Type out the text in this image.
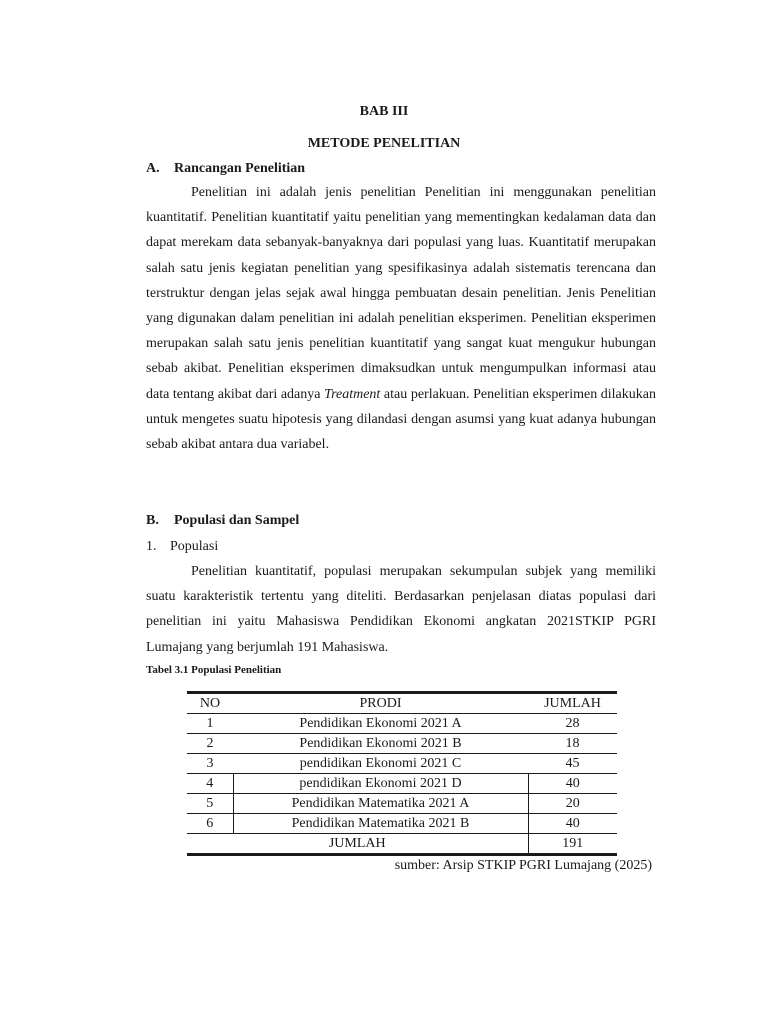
BAB III
METODE PENELITIAN
A. Rancangan Penelitian

Penelitian ini adalah jenis penelitian Penelitian ini menggunakan penelitian kuantitatif. Penelitian kuantitatif yaitu penelitian yang mementingkan kedalaman data dan dapat merekam data sebanyak-banyaknya dari populasi yang luas. Kuantitatif merupakan salah satu jenis kegiatan penelitian yang spesifikasinya adalah sistematis terencana dan terstruktur dengan jelas sejak awal hingga pembuatan desain penelitian. Jenis Penelitian yang digunakan dalam penelitian ini adalah penelitian eksperimen. Penelitian eksperimen merupakan salah satu jenis penelitian kuantitatif yang sangat kuat mengukur hubungan sebab akibat. Penelitian eksperimen dimaksudkan untuk mengumpulkan informasi atau data tentang akibat dari adanya Treatment atau perlakuan. Penelitian eksperimen dilakukan untuk mengetes suatu hipotesis yang dilandasi dengan asumsi yang kuat adanya hubungan sebab akibat antara dua variabel.

B. Populasi dan Sampel

1. Populasi

Penelitian kuantitatif, populasi merupakan sekumpulan subjek yang memiliki suatu karakteristik tertentu yang diteliti. Berdasarkan penjelasan diatas populasi dari penelitian ini yaitu Mahasiswa Pendidikan Ekonomi angkatan 2021STKIP PGRI Lumajang yang berjumlah 191 Mahasiswa.

Tabel 3.1 Populasi Penelitian

NO	PRODI	JUMLAH
1	Pendidikan Ekonomi 2021 A	28
2	Pendidikan Ekonomi 2021 B	18
3	pendidikan Ekonomi 2021 C	45
4	pendidikan Ekonomi 2021 D	40
5	Pendidikan Matematika 2021 A	20
6	Pendidikan Matematika 2021 B	40
JUMLAH		191

sumber: Arsip STKIP PGRI Lumajang (2025)
